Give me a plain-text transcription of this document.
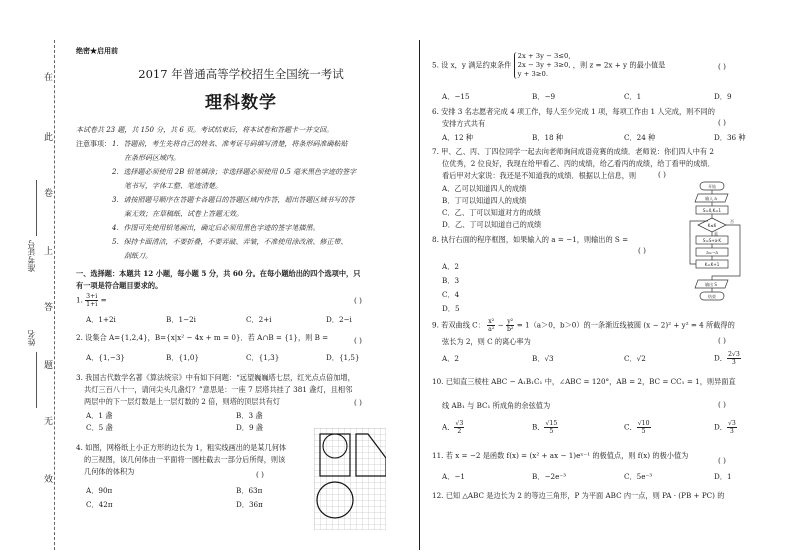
在
此
卷
上
答
题
无
效
准考证号
姓名
绝密★启用前
2017 年普通高等学校招生全国统一考试
理科数学
本试卷共 23 题，共 150 分，共 6 页。考试结束后，将本试卷和答题卡一并交回。
注意事项： 1．答题前，考生先将自己的姓名、准考证号码填写清楚，将条形码准确粘贴
在条形码区域内。
2．选择题必须使用 2B 铅笔填涂；非选择题必须使用 0.5 毫米黑色字迹的签字
笔书写，字体工整、笔迹清楚。
3．请按照题号顺序在答题卡各题目的答题区域内作答，超出答题区域书写的答
案无效；在草稿纸、试卷上答题无效。
4．作图可先使用铅笔画出，确定后必须用黑色字迹的签字笔描黑。
5．保持卡面清洁，不要折叠，不要弄破、弄皱，不准使用涂改液、修正带、
刮纸刀。
一、选择题：本题共 12 小题，每小题 5 分，共 60 分。在每小题给出的四个选项中，只
有一项是符合题目要求的。
1. $\frac{3+i}{1+i}$ =	( )
A．1+2i	B．1−2i	C．2+i	D．2−i
2. 设集合 A={1,2,4}，B={x|x² − 4x + m = 0}．若 A∩B = {1}，则 B =	( )
A．{1,−3}	B．{1,0}	C．{1,3}	D．{1,5}
3. 我国古代数学名著《算法统宗》中有如下问题：“远望巍巍塔七层，红光点点倍加增，
共灯三百八十一，请问尖头几盏灯？”意思是：一座 7 层塔共挂了 381 盏灯，且相邻
两层中的下一层灯数是上一层灯数的 2 倍，则塔的顶层共有灯	( )
A．1 盏	B．3 盏
C．5 盏	D．9 盏
4. 如图，网格纸上小正方形的边长为 1，粗实线画出的是某几何体
的三视图，该几何体由一平面将一圆柱截去一部分后所得，则该
几何体的体积为	( )
A．90π	B．63π
C．42π	D．36π
5. 设 x，y 满足约束条件
2x + 3y − 3≤0,
2x − 3y + 3≥0,
y + 3≥0.
，则 z = 2x + y 的最小值是	( )
A．−15	B．−9	C．1	D．9
6. 安排 3 名志愿者完成 4 项工作，每人至少完成 1 项，每项工作由 1 人完成，则不同的
安排方式共有	( )
A．12 种	B．18 种	C．24 种	D．36 种
7. 甲、乙、丙、丁四位同学一起去向老师询问成语竞赛的成绩．老师说：你们四人中有 2
位优秀，2 位良好，我现在给甲看乙、丙的成绩，给乙看丙的成绩，给丁看甲的成绩．
看后甲对大家说：我还是不知道我的成绩．根据以上信息，则	( )
A．乙可以知道四人的成绩
B．丁可以知道四人的成绩
C．乙、丁可以知道对方的成绩
D．乙、丁可以知道自己的成绩
8. 执行右面的程序框图，如果输入的 a = −1，则输出的 S =
( )
A．2
B．3
C．4
D．5
开始
输入 a
S=0,K=1
K≤6
是
否
S=S+a·K
a=−a
K=K+1
输出 S
结束
9. 若双曲线 C： $\frac{\text{x²}}{\text{a²}} - \frac{\text{y²}}{\text{b²}} = 1(a>0$，b＞0）的一条渐近线被圆 (x − 2)² + y² = 4 所截得的
弦长为 2，则 C 的离心率为	( )
A．2	B．√3	C．√2	D． $\frac{2√3}{3}$
10. 已知直三棱柱 ABC − A₁B₁C₁ 中，∠ABC = 120°，AB = 2，BC = CC₁ = 1，则异面直
线 AB₁ 与 BC₁ 所成角的余弦值为	( )
A． $\frac{√3}{2}$	B． $\frac{√15}{5}$	C． $\frac{√10}{5}$	D． $\frac{√3}{3}$
11. 若 x = −2 是函数 f(x) = (x² + ax − 1)eˣ⁻¹ 的极值点，则 f(x) 的极小值为
( )
A．−1	B．−2e⁻³	C．5e⁻³	D．1
12. 已知 △ABC 是边长为 2 的等边三角形，P 为平面 ABC 内一点，则 PA · (PB + PC) 的
